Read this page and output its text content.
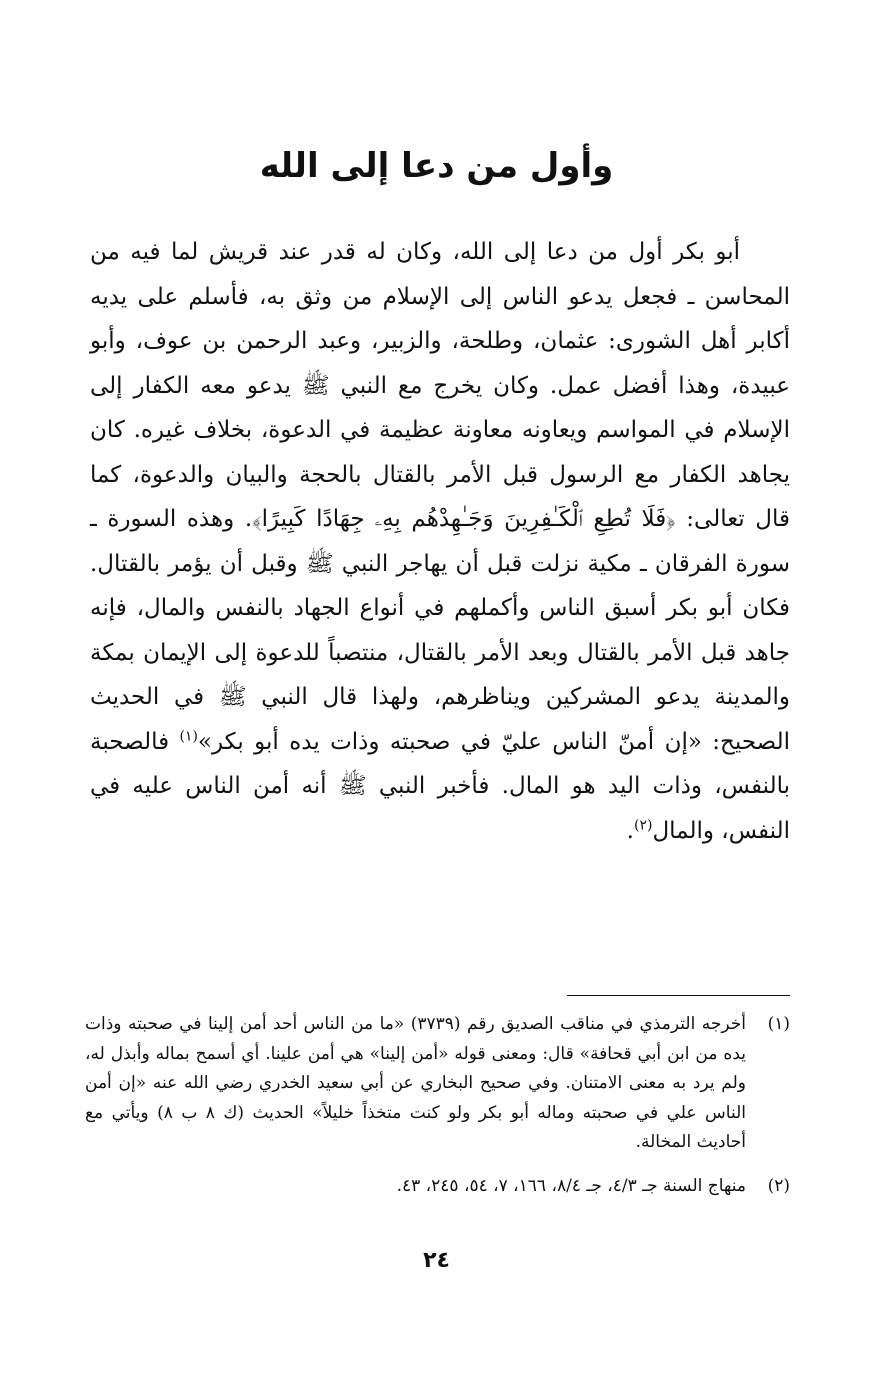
وأول من دعا إلى الله

أبو بكر أول من دعا إلى الله، وكان له قدر عند قريش لما فيه من المحاسن ـ فجعل يدعو الناس إلى الإسلام من وثق به، فأسلم على يديه أكابر أهل الشورى: عثمان، وطلحة، والزبير، وعبد الرحمن بن عوف، وأبو عبيدة، وهذا أفضل عمل. وكان يخرج مع النبي ﷺ يدعو معه الكفار إلى الإسلام في المواسم ويعاونه معاونة عظيمة في الدعوة، بخلاف غيره. كان يجاهد الكفار مع الرسول قبل الأمر بالقتال بالحجة والبيان والدعوة، كما قال تعالى: ﴿فَلَا تُطِعِ ٱلْكَـٰفِرِينَ وَجَـٰهِدْهُم بِهِۦ جِهَادًا كَبِيرًا﴾. وهذه السورة ـ سورة الفرقان ـ مكية نزلت قبل أن يهاجر النبي ﷺ وقبل أن يؤمر بالقتال. فكان أبو بكر أسبق الناس وأكملهم في أنواع الجهاد بالنفس والمال، فإنه جاهد قبل الأمر بالقتال وبعد الأمر بالقتال، منتصباً للدعوة إلى الإيمان بمكة والمدينة يدعو المشركين ويناظرهم، ولهذا قال النبي ﷺ في الحديث الصحيح: «إن أمنّ الناس عليّ في صحبته وذات يده أبو بكر»$^{(١)}$ فالصحبة بالنفس، وذات اليد هو المال. فأخبر النبي ﷺ أنه أمن الناس عليه في النفس، والمال$^{(٢)}$.

(١)
أخرجه الترمذي في مناقب الصديق رقم (٣٧٣٩) «ما من الناس أحد أمن إلينا في صحبته وذات يده من ابن أبي قحافة» قال: ومعنى قوله «أمن إلينا» هي أمن علينا. أي أسمح بماله وأبذل له، ولم يرد به معنى الامتنان. وفي صحيح البخاري عن أبي سعيد الخدري رضي الله عنه «إن أمن الناس علي في صحبته وماله أبو بكر ولو كنت متخذاً خليلاً» الحديث (ك ٨ ب ٨) ويأتي مع أحاديث المخالة.
(٢)
منهاج السنة جـ ٤/٣، جـ ٨/٤، ١٦٦، ٧، ٥٤، ٢٤٥، ٤٣.
٢٤
